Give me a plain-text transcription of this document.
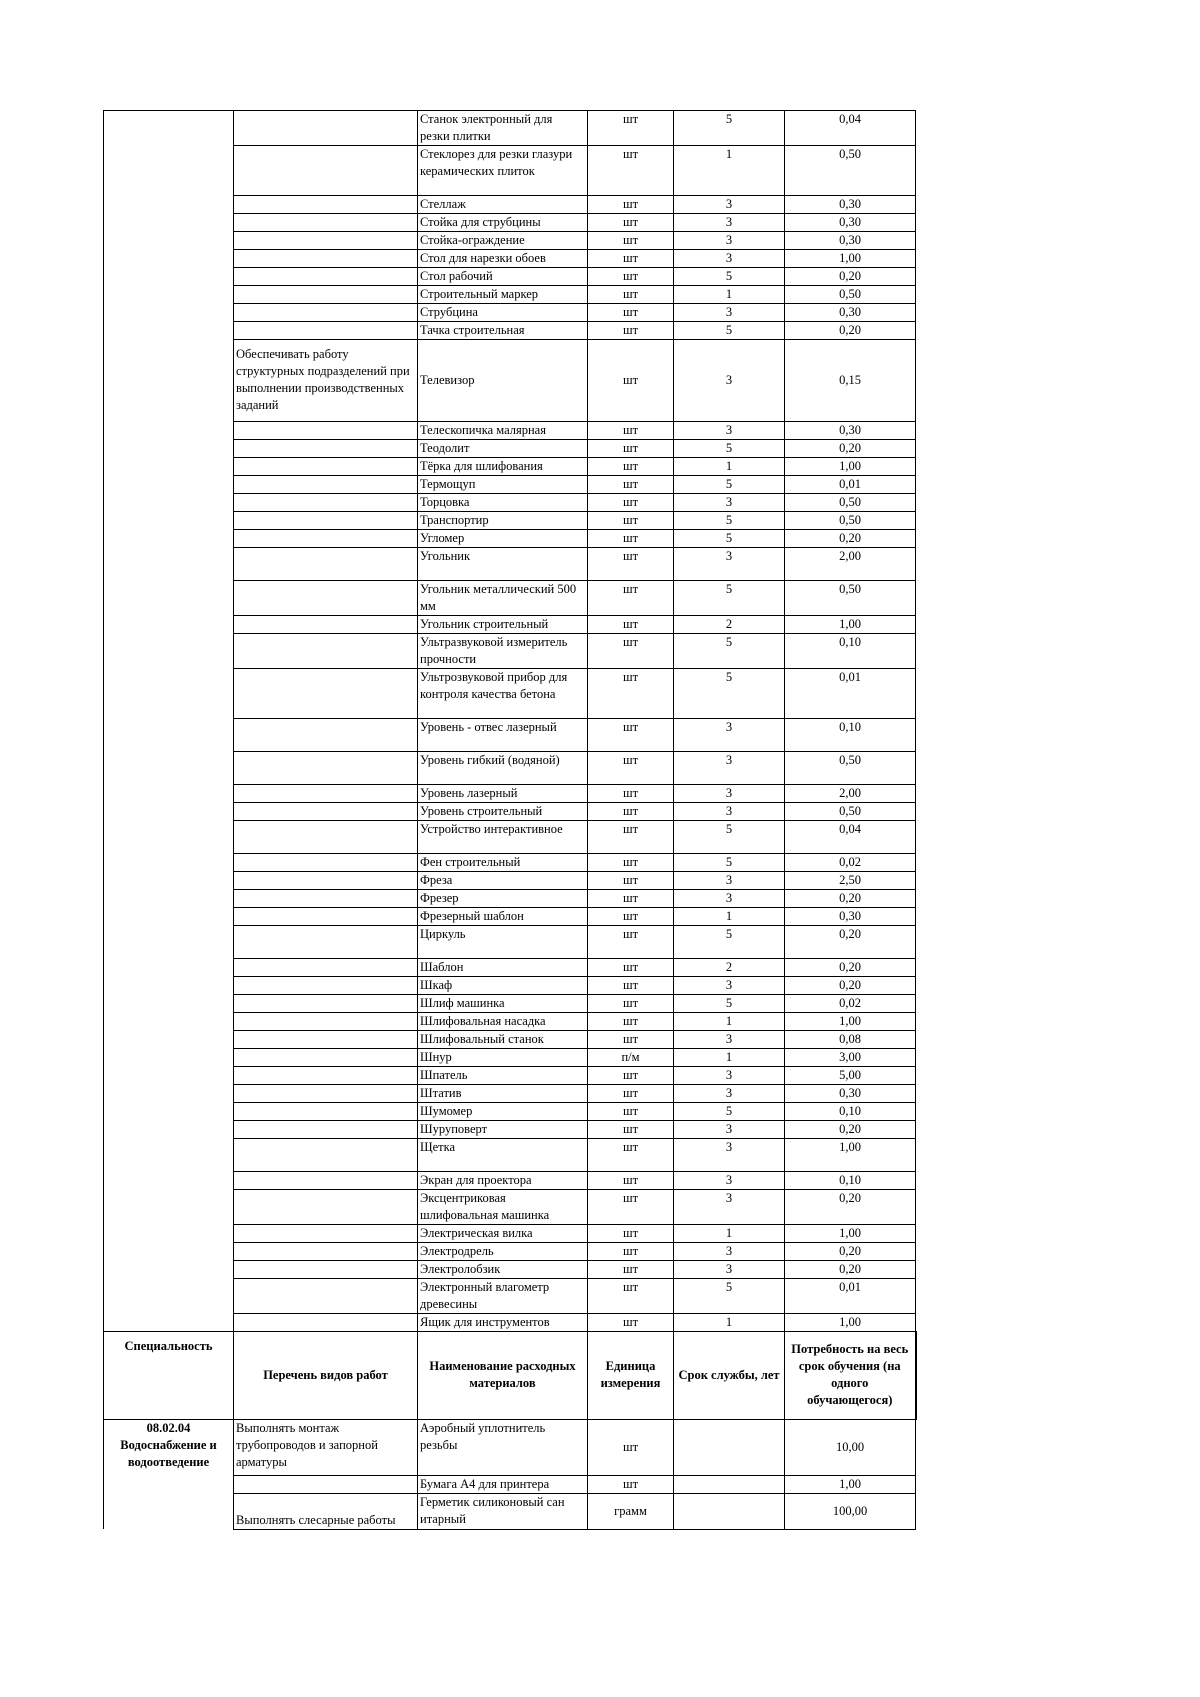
		Станок электронный для резки плитки	шт	5	0,04
		Стеклорез для резки глазури керамических плиток	шт	1	0,50
		Стеллаж	шт	3	0,30
		Стойка для струбцины	шт	3	0,30
		Стойка-ограждение	шт	3	0,30
		Стол для нарезки обоев	шт	3	1,00
		Стол рабочий	шт	5	0,20
		Строительный маркер	шт	1	0,50
		Струбцина	шт	3	0,30
		Тачка строительная	шт	5	0,20
	Обеспечивать работу структурных подразделений при выполнении производственных заданий	Телевизор	шт	3	0,15
		Телескопичка малярная	шт	3	0,30
		Теодолит	шт	5	0,20
		Тёрка для шлифования	шт	1	1,00
		Термощуп	шт	5	0,01
		Торцовка	шт	3	0,50
		Транспортир	шт	5	0,50
		Угломер	шт	5	0,20
		Угольник	шт	3	2,00
		Угольник металлический 500 мм	шт	5	0,50
		Угольник строительный	шт	2	1,00
		Ультразвуковой измеритель прочности	шт	5	0,10
		Ультрозвуковой прибор для контроля качества бетона	шт	5	0,01
		Уровень - отвес лазерный	шт	3	0,10
		Уровень гибкий (водяной)	шт	3	0,50
		Уровень лазерный	шт	3	2,00
		Уровень строительный	шт	3	0,50
		Устройство интерактивное	шт	5	0,04
		Фен строительный	шт	5	0,02
		Фреза	шт	3	2,50
		Фрезер	шт	3	0,20
		Фрезерный шаблон	шт	1	0,30
		Циркуль	шт	5	0,20
		Шаблон	шт	2	0,20
		Шкаф	шт	3	0,20
		Шлиф машинка	шт	5	0,02
		Шлифовальная насадка	шт	1	1,00
		Шлифовальный станок	шт	3	0,08
		Шнур	п/м	1	3,00
		Шпатель	шт	3	5,00
		Штатив	шт	3	0,30
		Шумомер	шт	5	0,10
		Шуруповерт	шт	3	0,20
		Щетка	шт	3	1,00
		Экран для проектора	шт	3	0,10
		Эксцентриковая шлифовальная машинка	шт	3	0,20
		Электрическая вилка	шт	1	1,00
		Электродрель	шт	3	0,20
		Электролобзик	шт	3	0,20
		Электронный влагометр древесины	шт	5	0,01
		Ящик для инструментов	шт	1	1,00
Специальность	Перечень видов работ	Наименование расходных материалов	Единица измерения	Срок службы, лет	Потребность на весь срок обучения (на одного обучающегося)
08.02.04 Водоснабжение и водоотведение	Выполнять монтаж трубопроводов и запорной арматуры	Аэробный уплотнитель резьбы	шт		10,00
		Бумага А4 для принтера	шт		1,00
	Выполнять слесарные работы	Герметик силиконовый сан итарный	грамм		100,00
